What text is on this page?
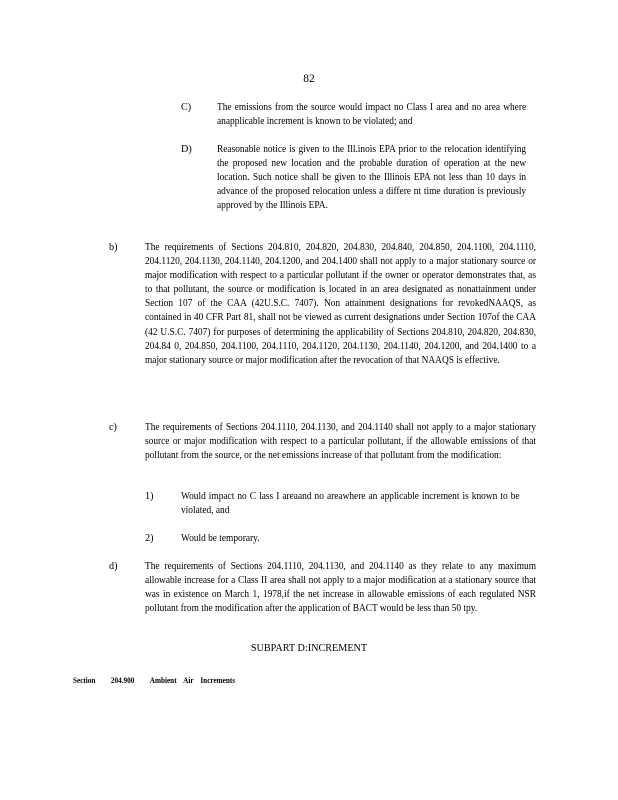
82
C)	The emissions from the source would impact no Class I area and no area where anapplicable increment is known to be violated; and

D) Reasonable notice is given to the Ill.inois EPA prior to the relocation identifying the proposed new location and the probable duration of operation at the new location. Such notice shall be given to the Illinois EPA not less than 10 days in advance of the proposed relocation unless a differe nt time duration is previously approved by the Illinois EPA.

b)	The requirements of Sections 204.810, 204.820, 204.830, 204.840, 204.850, 204.1100, 204.1110, 204.1120, 204.1130, 204.1140, 204.1200, and 204.1400 shall not apply to a major stationary source or major modification with respect to a particular pollutant if the owner or operator demonstrates that, as to that pollutant, the source or modification is located in an area designated as nonattainment under Section 107 of the CAA (42U.S.C. 7407). Non attainment designations for revokedNAAQS, as contained in 40 CFR Part 81, shall not be viewed as current designations under Section 107of the CAA (42 U.S.C. 7407) for purposes of determining the applicability of Sections 204.810, 204.820, 204.830, 204.84 0, 204.850, 204.1100, 204.1110, 204.1120, 204.1130, 204.1140, 204.1200, and 204.1400 to a major stationary source or major modification after the revocation of that NAAQS is effective.

c)	The requirements of Sections 204.1110, 204.1130, and 204.1140 shall not apply to a major stationary source or major modification with respect to a particular pollutant, if the allowable emissions of that pollutant from the source, or the net emissions increase of that pollutant from the modification:

1)	Would impact no C lass I areaand no areawhere an applicable increment is known to be violated, and

2)	Would be temporary.

d)	The requirements of Sections 204.1110, 204.1130, and 204.1140 as they relate to any maximum allowable increase for a Class II area shall not apply to a major modification at a stationary source that was in existence on March 1, 1978,if the net increase in allowable emissions of each regulated NSR pollutant from the modification after the application of BACT would be less than 50 tpy.

SUBPART D:INCREMENT
Section 204.900 Ambient Air Increments
